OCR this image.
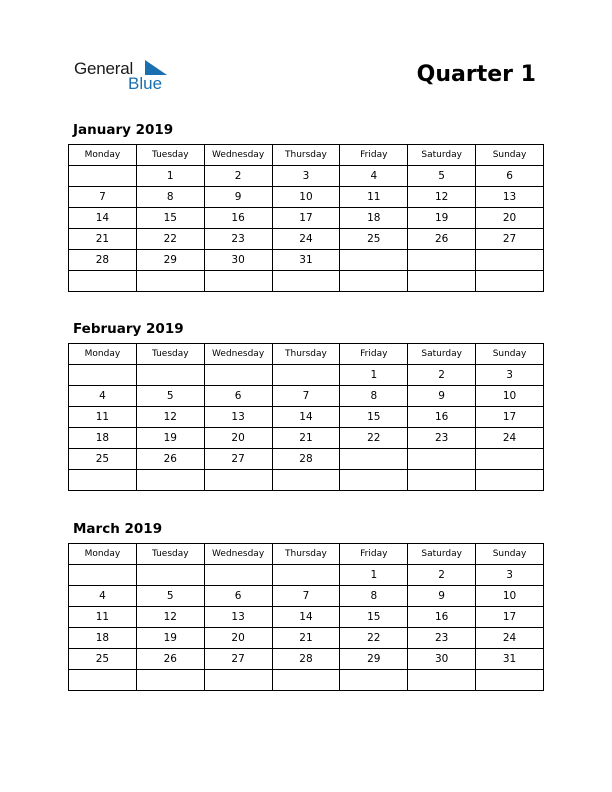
General
Blue	Quarter 1
January 2019
Monday	Tuesday	Wednesday	Thursday	Friday	Saturday	Sunday
	1	2	3	4	5	6
7	8	9	10	11	12	13
14	15	16	17	18	19	20
21	22	23	24	25	26	27
28	29	30	31			

February 2019
Monday	Tuesday	Wednesday	Thursday	Friday	Saturday	Sunday
				1	2	3
4	5	6	7	8	9	10
11	12	13	14	15	16	17
18	19	20	21	22	23	24
25	26	27	28			

March 2019
Monday	Tuesday	Wednesday	Thursday	Friday	Saturday	Sunday
				1	2	3
4	5	6	7	8	9	10
11	12	13	14	15	16	17
18	19	20	21	22	23	24
25	26	27	28	29	30	31
